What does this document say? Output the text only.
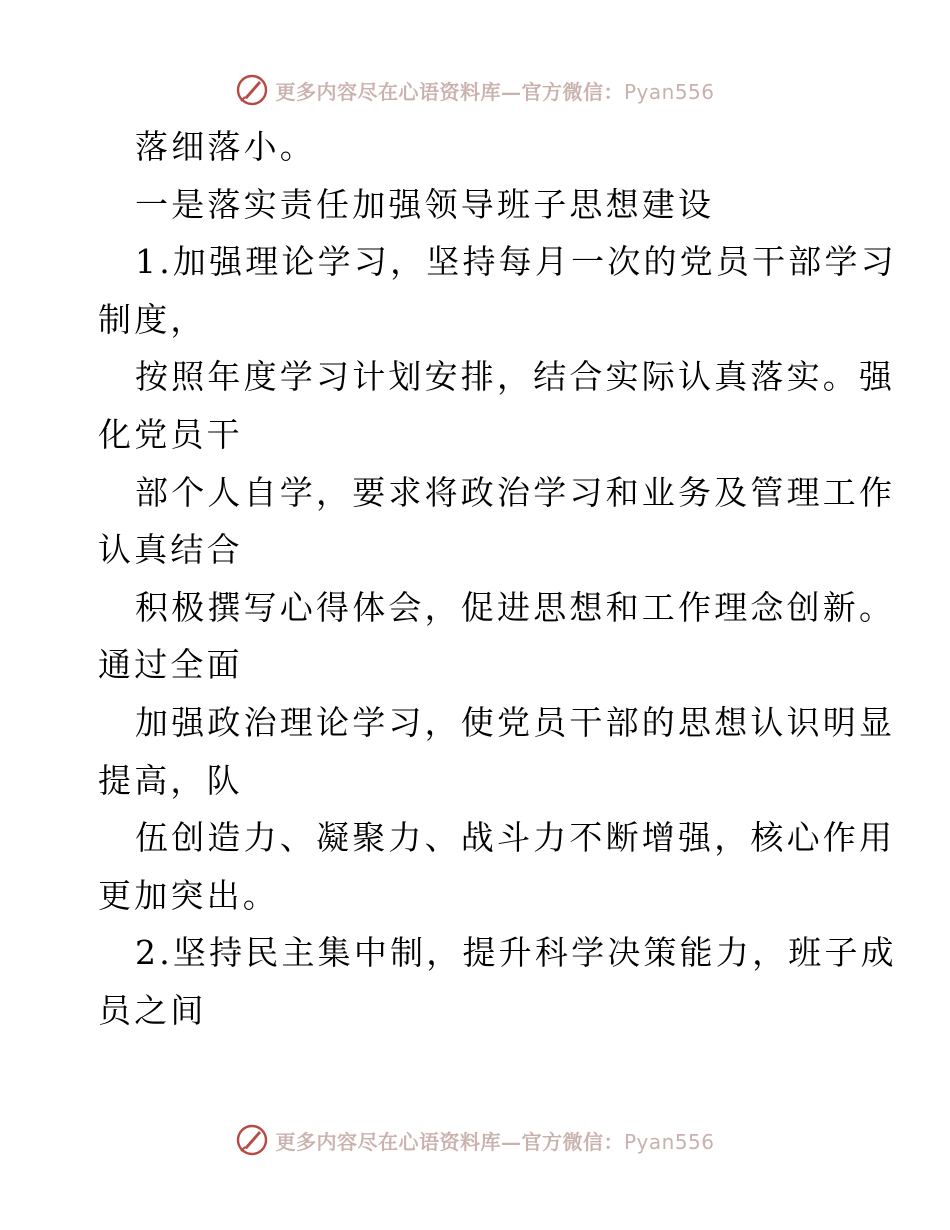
更多内容尽在心语资料库—官方微信：Pyan556
落细落小。
一是落实责任加强领导班子思想建设
1.加强理论学习，坚持每月一次的党员干部学习
制度，
按照年度学习计划安排，结合实际认真落实。强
化党员干
部个人自学，要求将政治学习和业务及管理工作
认真结合
积极撰写心得体会，促进思想和工作理念创新。
通过全面
加强政治理论学习，使党员干部的思想认识明显
提高，队
伍创造力、凝聚力、战斗力不断增强，核心作用
更加突出。
2.坚持民主集中制，提升科学决策能力，班子成
员之间
更多内容尽在心语资料库—官方微信：Pyan556
